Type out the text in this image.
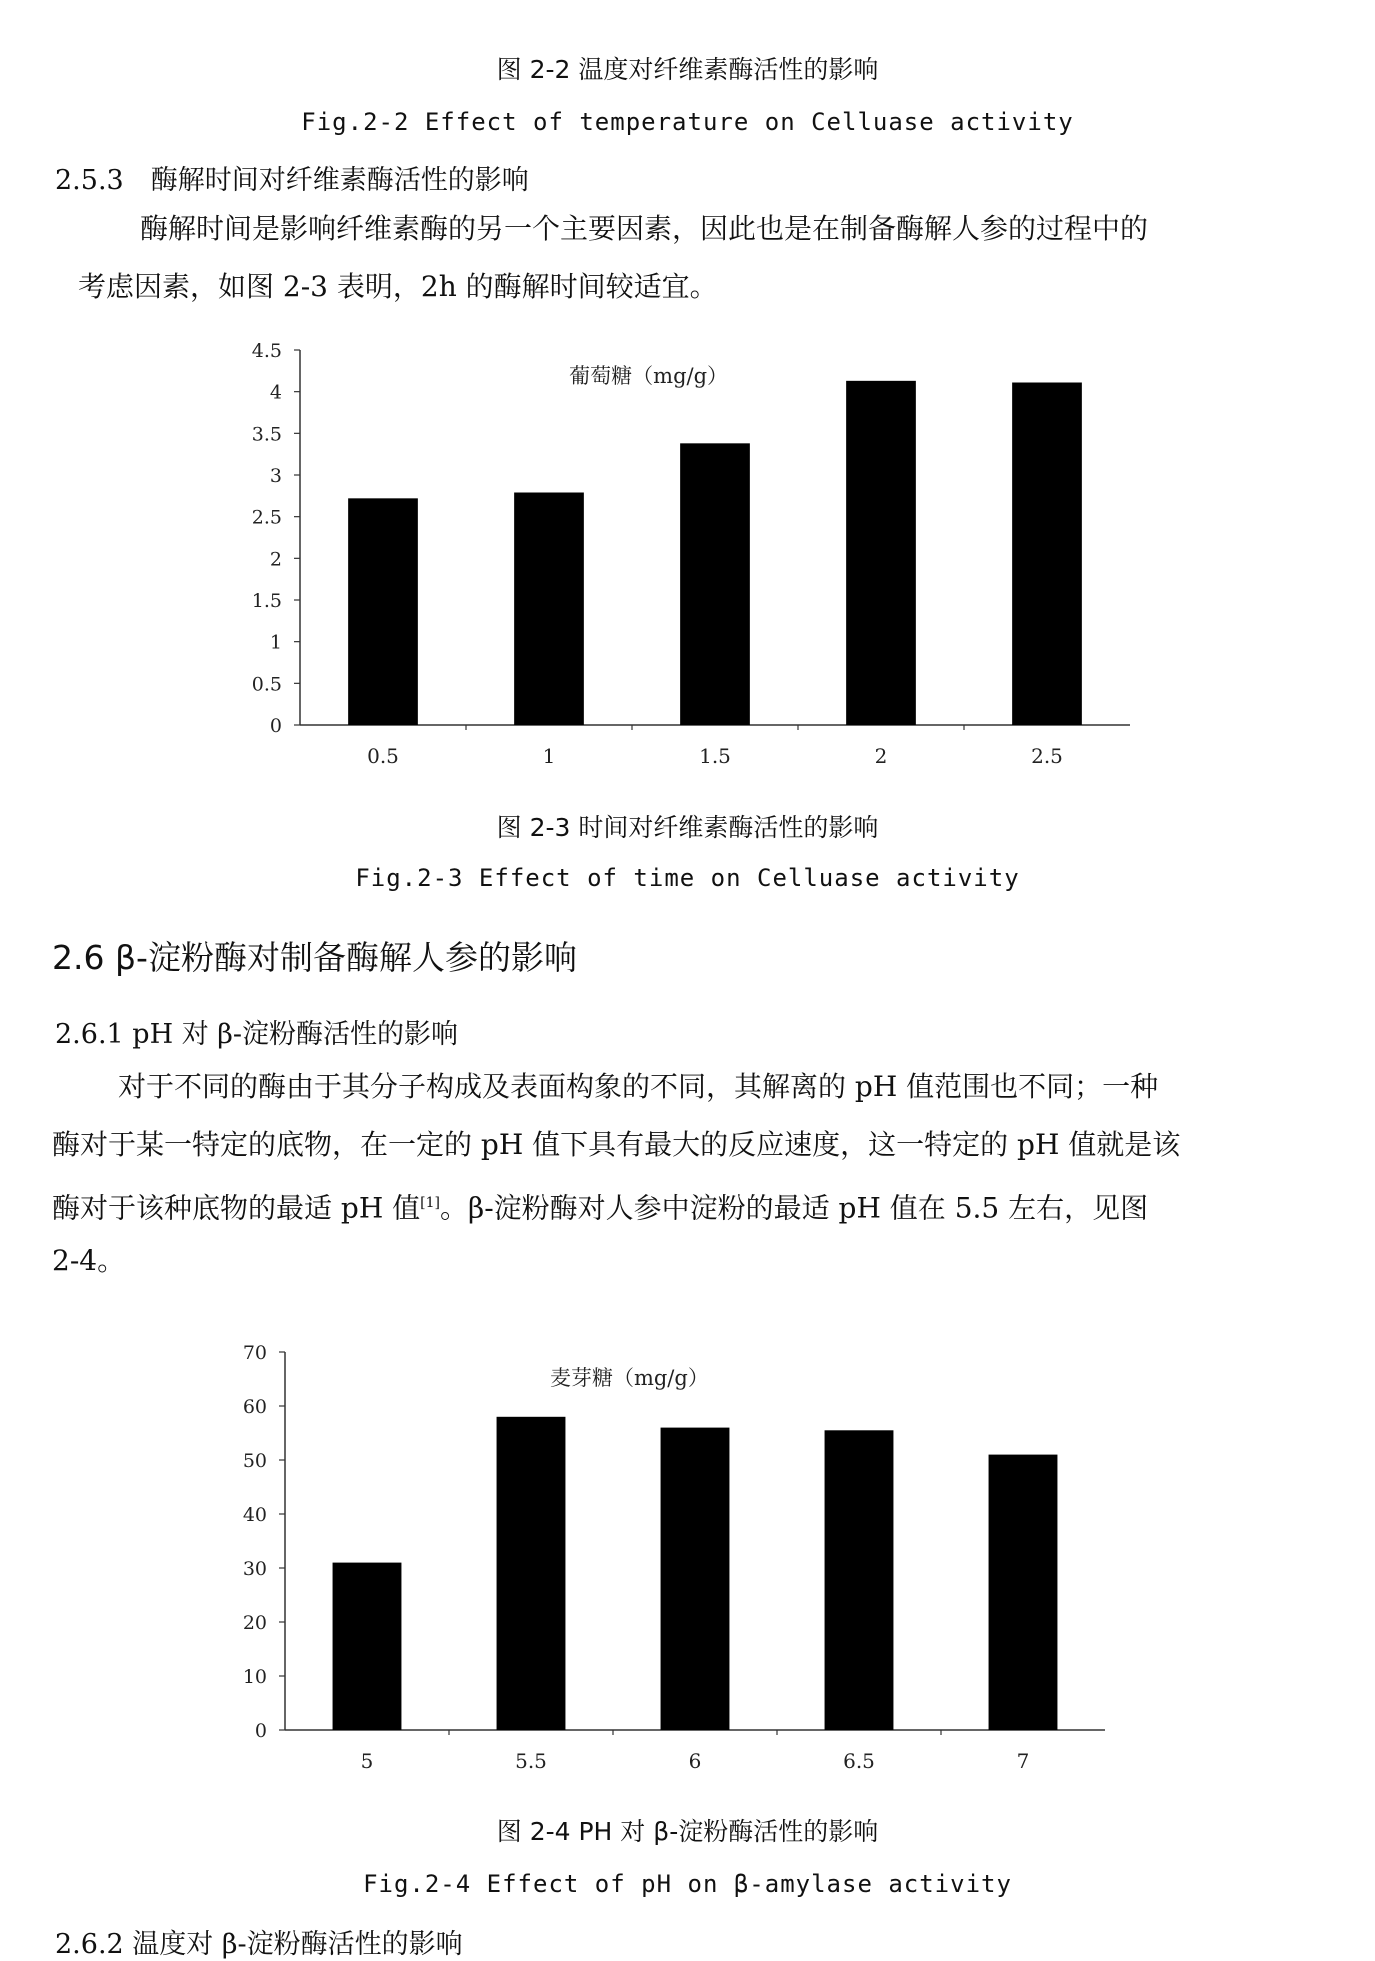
图 2-2 温度对纤维素酶活性的影响
Fig.2-2 Effect of temperature on Celluase activity
2.5.3　酶解时间对纤维素酶活性的影响
酶解时间是影响纤维素酶的另一个主要因素，因此也是在制备酶解人参的过程中的
考虑因素，如图 2-3 表明，2h 的酶解时间较适宜。
0
0.5
1
1.5
2
2.5
3
3.5
4
4.5
0.5	1	1.5	2	2.5
葡萄糖（mg/g）
图 2-3 时间对纤维素酶活性的影响
Fig.2-3 Effect of time on Celluase activity
2.6 β-淀粉酶对制备酶解人参的影响
2.6.1 pH 对 β-淀粉酶活性的影响
对于不同的酶由于其分子构成及表面构象的不同，其解离的 pH 值范围也不同；一种
酶对于某一特定的底物，在一定的 pH 值下具有最大的反应速度，这一特定的 pH 值就是该
酶对于该种底物的最适 pH 值[1]。β-淀粉酶对人参中淀粉的最适 pH 值在 5.5 左右，见图
2-4。
0
10
20
30
40
50
60
70
5	5.5	6	6.5	7
麦芽糖（mg/g）
图 2-4 PH 对 β-淀粉酶活性的影响
Fig.2-4 Effect of pH on β-amylase activity
2.6.2 温度对 β-淀粉酶活性的影响
